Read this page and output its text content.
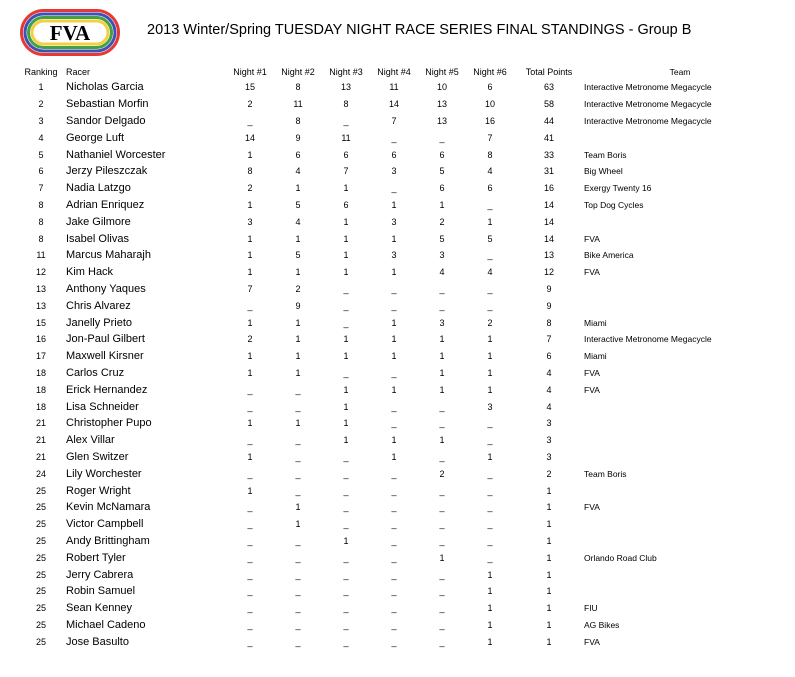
FVA	2013 Winter/Spring TUESDAY NIGHT RACE SERIES FINAL STANDINGS - Group B
Ranking	Racer	Night #1	Night #2	Night #3	Night #4	Night #5	Night #6	Total Points	Team
1	Nicholas Garcia	15	8	13	11	10	6	63	Interactive Metronome Megacycle
2	Sebastian Morfin	2	11	8	14	13	10	58	Interactive Metronome Megacycle
3	Sandor Delgado	_	8	_	7	13	16	44	Interactive Metronome Megacycle
4	George Luft	14	9	11	_	_	7	41	
5	Nathaniel Worcester	1	6	6	6	6	8	33	Team Boris
6	Jerzy Pileszczak	8	4	7	3	5	4	31	Big Wheel
7	Nadia Latzgo	2	1	1	_	6	6	16	Exergy Twenty 16
8	Adrian Enriquez	1	5	6	1	1	_	14	Top Dog Cycles
8	Jake Gilmore	3	4	1	3	2	1	14	
8	Isabel Olivas	1	1	1	1	5	5	14	FVA
11	Marcus Maharajh	1	5	1	3	3	_	13	Bike America
12	Kim Hack	1	1	1	1	4	4	12	FVA
13	Anthony Yaques	7	2	_	_	_	_	9	
13	Chris Alvarez	_	9	_	_	_	_	9	
15	Janelly Prieto	1	1	_	1	3	2	8	Miami
16	Jon-Paul Gilbert	2	1	1	1	1	1	7	Interactive Metronome Megacycle
17	Maxwell Kirsner	1	1	1	1	1	1	6	Miami
18	Carlos Cruz	1	1	_	_	1	1	4	FVA
18	Erick Hernandez	_	_	1	1	1	1	4	FVA
18	Lisa Schneider	_	_	1	_	_	3	4	
21	Christopher Pupo	1	1	1	_	_	_	3	
21	Alex Villar	_	_	1	1	1	_	3	
21	Glen Switzer	1	_	_	1	_	1	3	
24	Lily Worchester	_	_	_	_	2	_	2	Team Boris
25	Roger Wright	1	_	_	_	_	_	1	
25	Kevin McNamara	_	1	_	_	_	_	1	FVA
25	Victor Campbell	_	1	_	_	_	_	1	
25	Andy Brittingham	_	_	1	_	_	_	1	
25	Robert Tyler	_	_	_	_	1	_	1	Orlando Road Club
25	Jerry Cabrera	_	_	_	_	_	1	1	
25	Robin Samuel	_	_	_	_	_	1	1	
25	Sean Kenney	_	_	_	_	_	1	1	FIU
25	Michael Cadeno	_	_	_	_	_	1	1	AG Bikes
25	Jose Basulto	_	_	_	_	_	1	1	FVA
